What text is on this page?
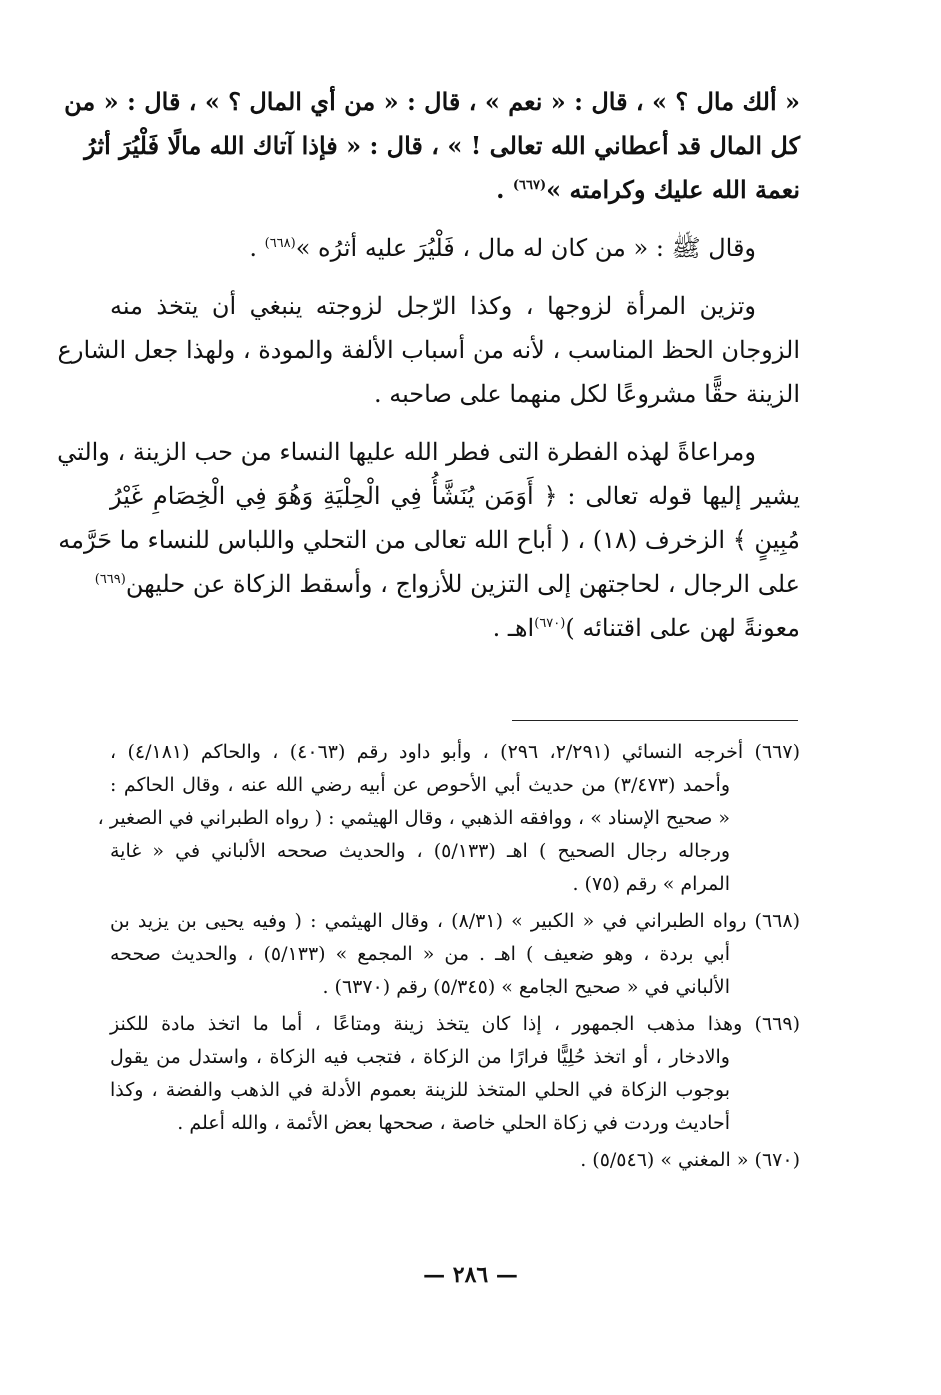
« ألك مال ؟ » ، قال : « نعم » ، قال : « من أي المال ؟ » ، قال : « من
كل المال قد أعطاني الله تعالى ! » ، قال : « فإذا آتاك الله مالًا فَلْيُرَ أثرُ
نعمة الله عليك وكرامته »$^{(٦٦٧)}$ .
وقال ﷺ : « من كان له مال ، فَلْيُرَ عليه أثرُه »$^{(٦٦٨)}$ .
وتزين المرأة لزوجها ، وكذا الرّجل لزوجته ينبغي أن يتخذ منه
الزوجان الحظ المناسب ، لأنه من أسباب الألفة والمودة ، ولهذا جعل الشارع
الزينة حقًّا مشروعًا لكل منهما على صاحبه .
ومراعاةً لهذه الفطرة التى فطر الله عليها النساء من حب الزينة ، والتي
يشير إليها قوله تعالى : ﴿ أَوَمَن يُنَشَّأُ فِي الْحِلْيَةِ وَهُوَ فِي الْخِصَامِ غَيْرُ
مُبِينٍ ﴾ الزخرف (١٨) ، ( أباح الله تعالى من التحلي واللباس للنساء ما حَرَّمه
على الرجال ، لحاجتهن إلى التزين للأزواج ، وأسقط الزكاة عن حليهن$^{(٦٦٩)}$
معونةً لهن على اقتنائه )$^{(٦٧٠)}$اهـ .
(٦٦٧) أخرجه النسائي (٢/٢٩١، ٢٩٦) ، وأبو داود رقم (٤٠٦٣) ، والحاكم (٤/١٨١) ،
وأحمد (٣/٤٧٣) من حديث أبي الأحوص عن أبيه رضي الله عنه ، وقال الحاكم :
« صحيح الإسناد » ، ووافقه الذهبي ، وقال الهيثمي : ( رواه الطبراني في الصغير ،
ورجاله رجال الصحيح ) اهـ (٥/١٣٣) ، والحديث صححه الألباني في « غاية
المرام » رقم (٧٥) .
(٦٦٨) رواه الطبراني في « الكبير » (٨/٣١) ، وقال الهيثمي : ( وفيه يحيى بن يزيد بن
أبي بردة ، وهو ضعيف ) اهـ . من « المجمع » (٥/١٣٣) ، والحديث صححه
الألباني في « صحيح الجامع » (٥/٣٤٥) رقم (٦٣٧٠) .
(٦٦٩) وهذا مذهب الجمهور ، إذا كان يتخذ زينة ومتاعًا ، أما ما اتخذ مادة للكنز
والادخار ، أو اتخذ حُلِيًّا فرارًا من الزكاة ، فتجب فيه الزكاة ، واستدل من يقول
بوجوب الزكاة في الحلي المتخذ للزينة بعموم الأدلة في الذهب والفضة ، وكذا
أحاديث وردت في زكاة الحلي خاصة ، صححها بعض الأئمة ، والله أعلم .
(٦٧٠) « المغني » (٥/٥٤٦) .
— ٢٨٦ —
